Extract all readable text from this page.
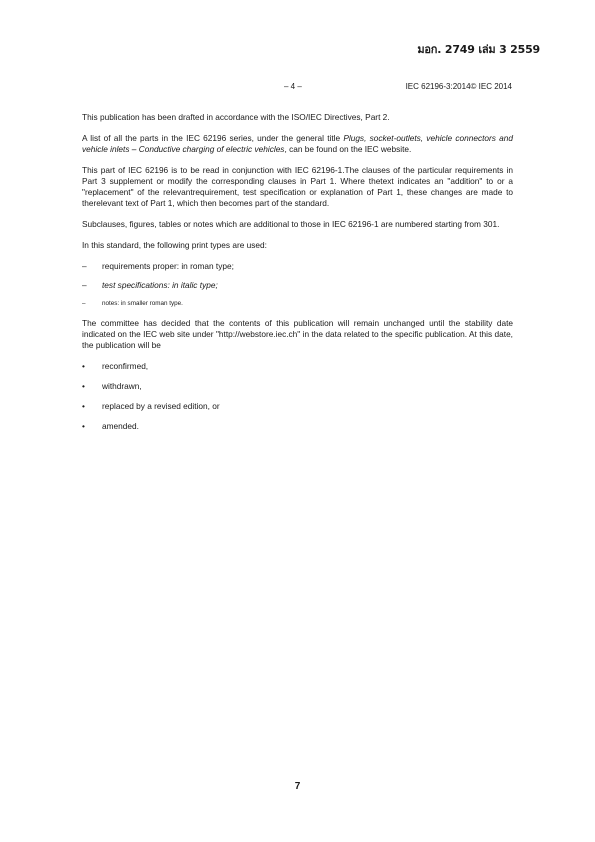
มอก. 2749 เล่ม 3 2559
– 4 –	IEC 62196-3:2014© IEC 2014

This publication has been drafted in accordance with the ISO/IEC Directives, Part 2.

A list of all the parts in the IEC 62196 series, under the general title Plugs, socket-outlets, vehicle connectors and vehicle inlets – Conductive charging of electric vehicles, can be found on the IEC website.

This part of IEC 62196 is to be read in conjunction with IEC 62196-1.The clauses of the particular requirements in Part 3 supplement or modify the corresponding clauses in Part 1. Where thetext indicates an "addition" to or a "replacement" of the relevantrequirement, test specification or explanation of Part 1, these changes are made to therelevant text of Part 1, which then becomes part of the standard.

Subclauses, figures, tables or notes which are additional to those in IEC 62196-1 are numbered starting from 301.

In this standard, the following print types are used:

– requirements proper: in roman type;
– test specifications: in italic type;
–	notes: in smaller roman type.

The committee has decided that the contents of this publication will remain unchanged until the stability date indicated on the IEC web site under "http://webstore.iec.ch" in the data related to the specific publication. At this date, the publication will be

• reconfirmed,
• withdrawn,
• replaced by a revised edition, or
• amended.
7
